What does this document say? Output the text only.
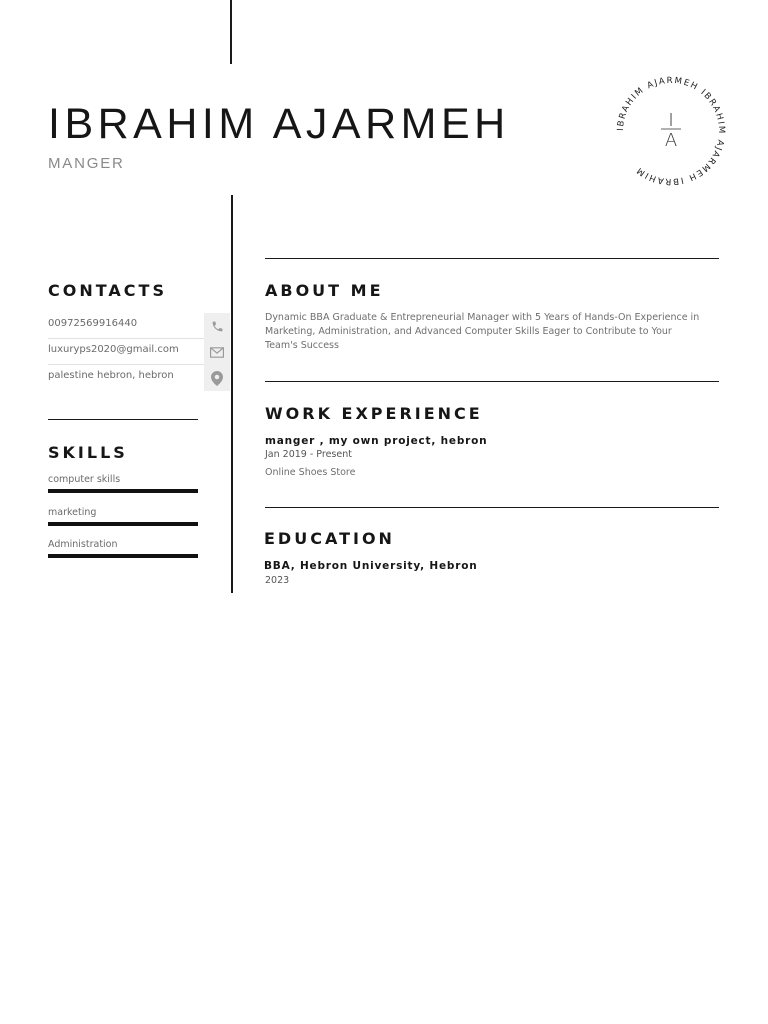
IBRAHIM AJARMEH
MANGER
IBRAHIM AJARMEH IBRAHIM AJARMEH IBRAHIM
I
A
CONTACTS
00972569916440
luxuryps2020@gmail.com
palestine hebron, hebron
SKILLS
computer skills
marketing
Administration
ABOUT ME
Dynamic BBA Graduate & Entrepreneurial Manager with 5 Years of Hands-On Experience in Marketing, Administration, and Advanced Computer Skills Eager to Contribute to Your Team's Success
WORK EXPERIENCE
manger , my own project, hebron
Jan 2019 - Present
Online Shoes Store
EDUCATION
BBA, Hebron University, Hebron
2023
